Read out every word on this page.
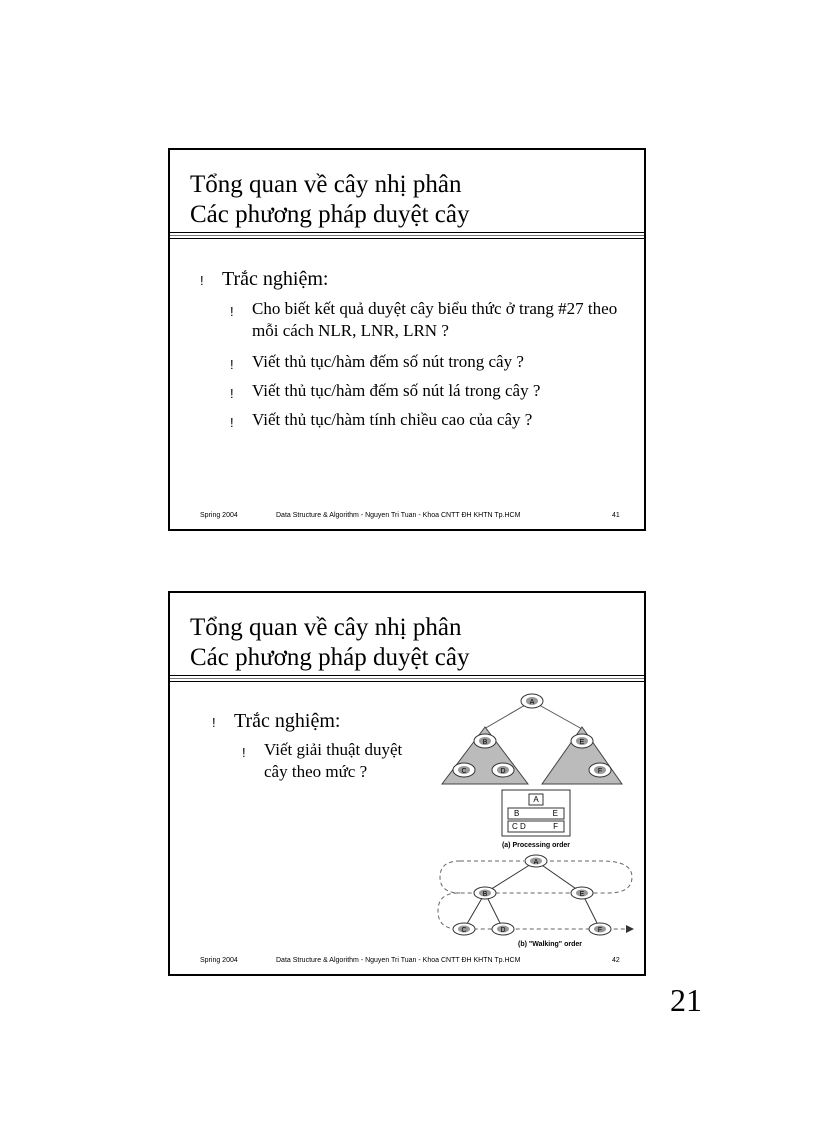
Tổng quan về cây nhị phân
Các phương pháp duyệt cây
! Trắc nghiệm:
! Cho biết kết quả duyệt cây biểu thức ở trang #27 theo mỗi cách NLR, LNR, LRN ?
! Viết thủ tục/hàm đếm số nút trong cây ?
! Viết thủ tục/hàm đếm số nút lá trong cây ?
! Viết thủ tục/hàm tính chiều cao của cây ?
Spring 2004	Data Structure & Algorithm - Nguyen Tri Tuan - Khoa CNTT ĐH KHTN Tp.HCM	41
Tổng quan về cây nhị phân
Các phương pháp duyệt cây
! Trắc nghiệm:
! Viết giải thuật duyệt cây theo mức ?
A
B
C	D
E
F
A
B	E
C D	F
(a) Processing order
A
B	E
C	D	F
(b) "Walking" order
Spring 2004	Data Structure & Algorithm - Nguyen Tri Tuan - Khoa CNTT ĐH KHTN Tp.HCM	42
21
